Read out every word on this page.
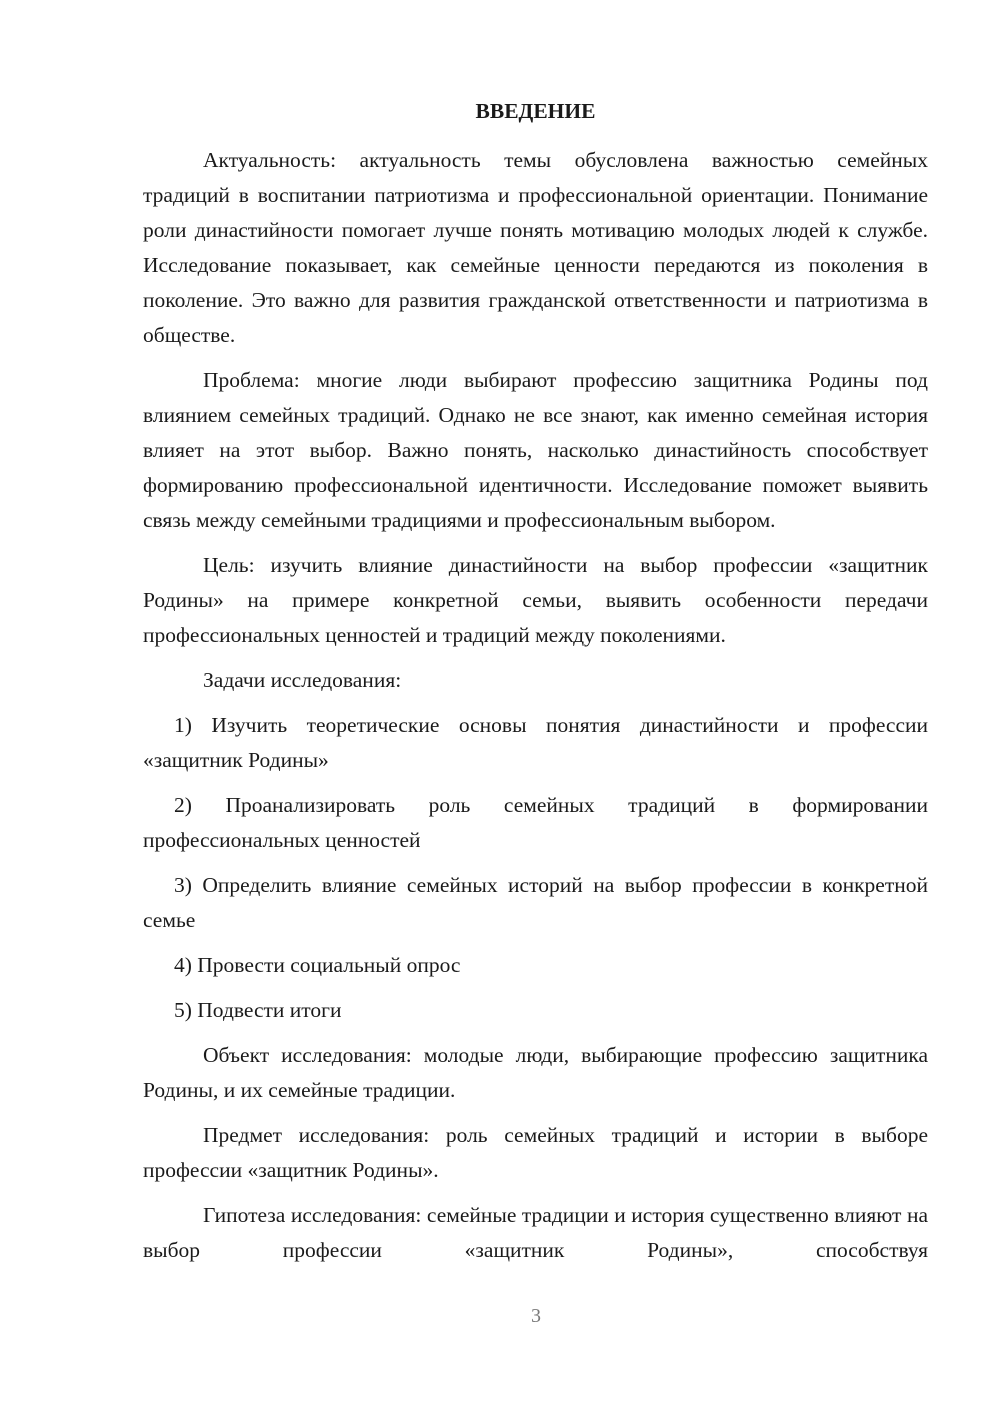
ВВЕДЕНИЕ

Актуальность: актуальность темы обусловлена важностью семейных традиций в воспитании патриотизма и профессиональной ориентации. Понимание роли династийности помогает лучше понять мотивацию молодых людей к службе. Исследование показывает, как семейные ценности передаются из поколения в поколение. Это важно для развития гражданской ответственности и патриотизма в обществе.

Проблема: многие люди выбирают профессию защитника Родины под влиянием семейных традиций. Однако не все знают, как именно семейная история влияет на этот выбор. Важно понять, насколько династийность способствует формированию профессиональной идентичности. Исследование поможет выявить связь между семейными традициями и профессиональным выбором.

Цель: изучить влияние династийности на выбор профессии «защитник Родины» на примере конкретной семьи, выявить особенности передачи профессиональных ценностей и традиций между поколениями.

Задачи исследования:

1) Изучить теоретические основы понятия династийности и профессии «защитник Родины»

2) Проанализировать роль семейных традиций в формировании профессиональных ценностей

3) Определить влияние семейных историй на выбор профессии в конкретной семье

4) Провести социальный опрос

5) Подвести итоги

Объект исследования: молодые люди, выбирающие профессию защитника Родины, и их семейные традиции.

Предмет исследования: роль семейных традиций и истории в выборе профессии «защитник Родины».

Гипотеза исследования: семейные традиции и история существенно влияют на выбор профессии «защитник Родины», способствуя

3
